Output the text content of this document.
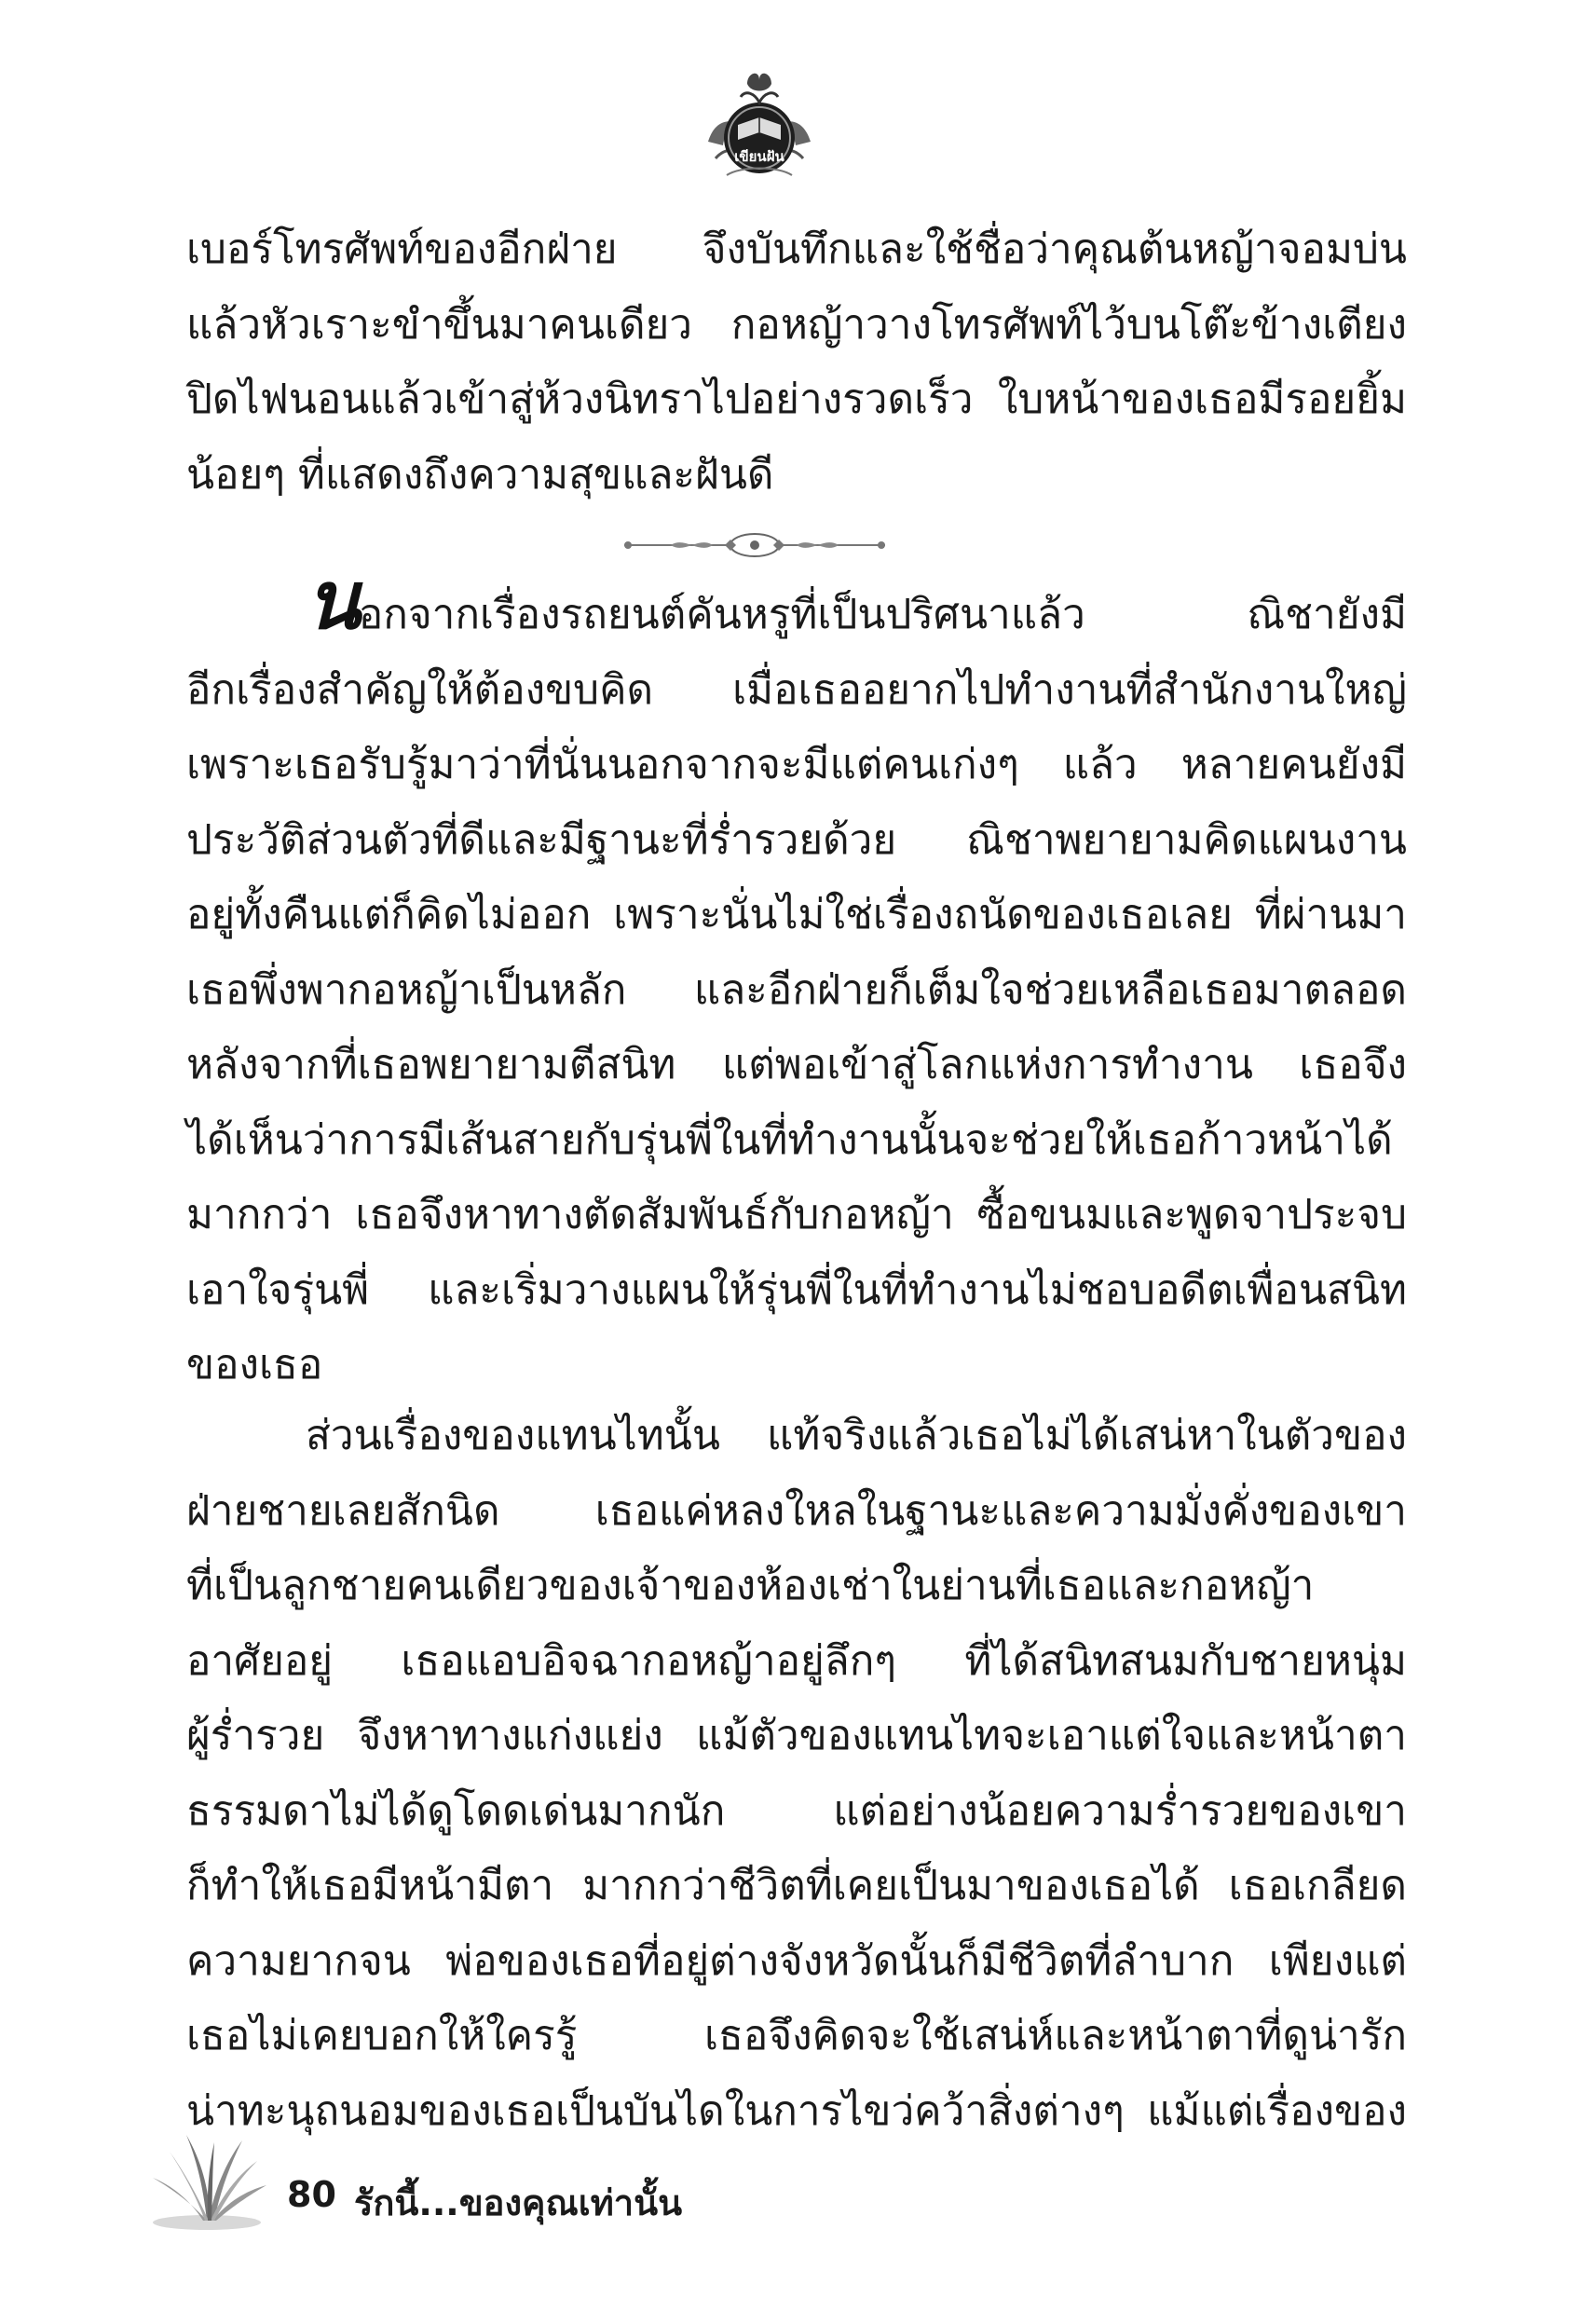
เขียนฝัน
เบอร์โทรศัพท์ของอีกฝ่าย จึงบันทึกและใช้ชื่อว่าคุณต้นหญ้าจอมบ่น
แล้วหัวเราะขำขึ้นมาคนเดียว กอหญ้าวางโทรศัพท์ไว้บนโต๊ะข้างเตียง
ปิดไฟนอนแล้วเข้าสู่ห้วงนิทราไปอย่างรวดเร็ว ใบหน้าของเธอมีรอยยิ้ม
น้อยๆ ที่แสดงถึงความสุขและฝันดี
นอกจากเรื่องรถยนต์คันหรูที่เป็นปริศนาแล้ว ณิชายังมี
อีกเรื่องสำคัญให้ต้องขบคิด เมื่อเธออยากไปทำงานที่สำนักงานใหญ่
เพราะเธอรับรู้มาว่าที่นั่นนอกจากจะมีแต่คนเก่งๆ แล้ว หลายคนยังมี
ประวัติส่วนตัวที่ดีและมีฐานะที่ร่ำรวยด้วย ณิชาพยายามคิดแผนงาน
อยู่ทั้งคืนแต่ก็คิดไม่ออก เพราะนั่นไม่ใช่เรื่องถนัดของเธอเลย ที่ผ่านมา
เธอพึ่งพากอหญ้าเป็นหลัก และอีกฝ่ายก็เต็มใจช่วยเหลือเธอมาตลอด
หลังจากที่เธอพยายามตีสนิท แต่พอเข้าสู่โลกแห่งการทำงาน เธอจึง
ได้เห็นว่าการมีเส้นสายกับรุ่นพี่ในที่ทำงานนั้นจะช่วยให้เธอก้าวหน้าได้
มากกว่า เธอจึงหาทางตัดสัมพันธ์กับกอหญ้า ซื้อขนมและพูดจาประจบ
เอาใจรุ่นพี่ และเริ่มวางแผนให้รุ่นพี่ในที่ทำงานไม่ชอบอดีตเพื่อนสนิท
ของเธอ
ส่วนเรื่องของแทนไทนั้น แท้จริงแล้วเธอไม่ได้เสน่หาในตัวของ
ฝ่ายชายเลยสักนิด เธอแค่หลงใหลในฐานะและความมั่งคั่งของเขา
ที่เป็นลูกชายคนเดียวของเจ้าของห้องเช่าในย่านที่เธอและกอหญ้า
อาศัยอยู่ เธอแอบอิจฉากอหญ้าอยู่ลึกๆ ที่ได้สนิทสนมกับชายหนุ่ม
ผู้ร่ำรวย จึงหาทางแก่งแย่ง แม้ตัวของแทนไทจะเอาแต่ใจและหน้าตา
ธรรมดาไม่ได้ดูโดดเด่นมากนัก แต่อย่างน้อยความร่ำรวยของเขา
ก็ทำให้เธอมีหน้ามีตา มากกว่าชีวิตที่เคยเป็นมาของเธอได้ เธอเกลียด
ความยากจน พ่อของเธอที่อยู่ต่างจังหวัดนั้นก็มีชีวิตที่ลำบาก เพียงแต่
เธอไม่เคยบอกให้ใครรู้ เธอจึงคิดจะใช้เสน่ห์และหน้าตาที่ดูน่ารัก
น่าทะนุถนอมของเธอเป็นบันไดในการไขว่คว้าสิ่งต่างๆ แม้แต่เรื่องของ
80 รักนี้...ของคุณเท่านั้น
